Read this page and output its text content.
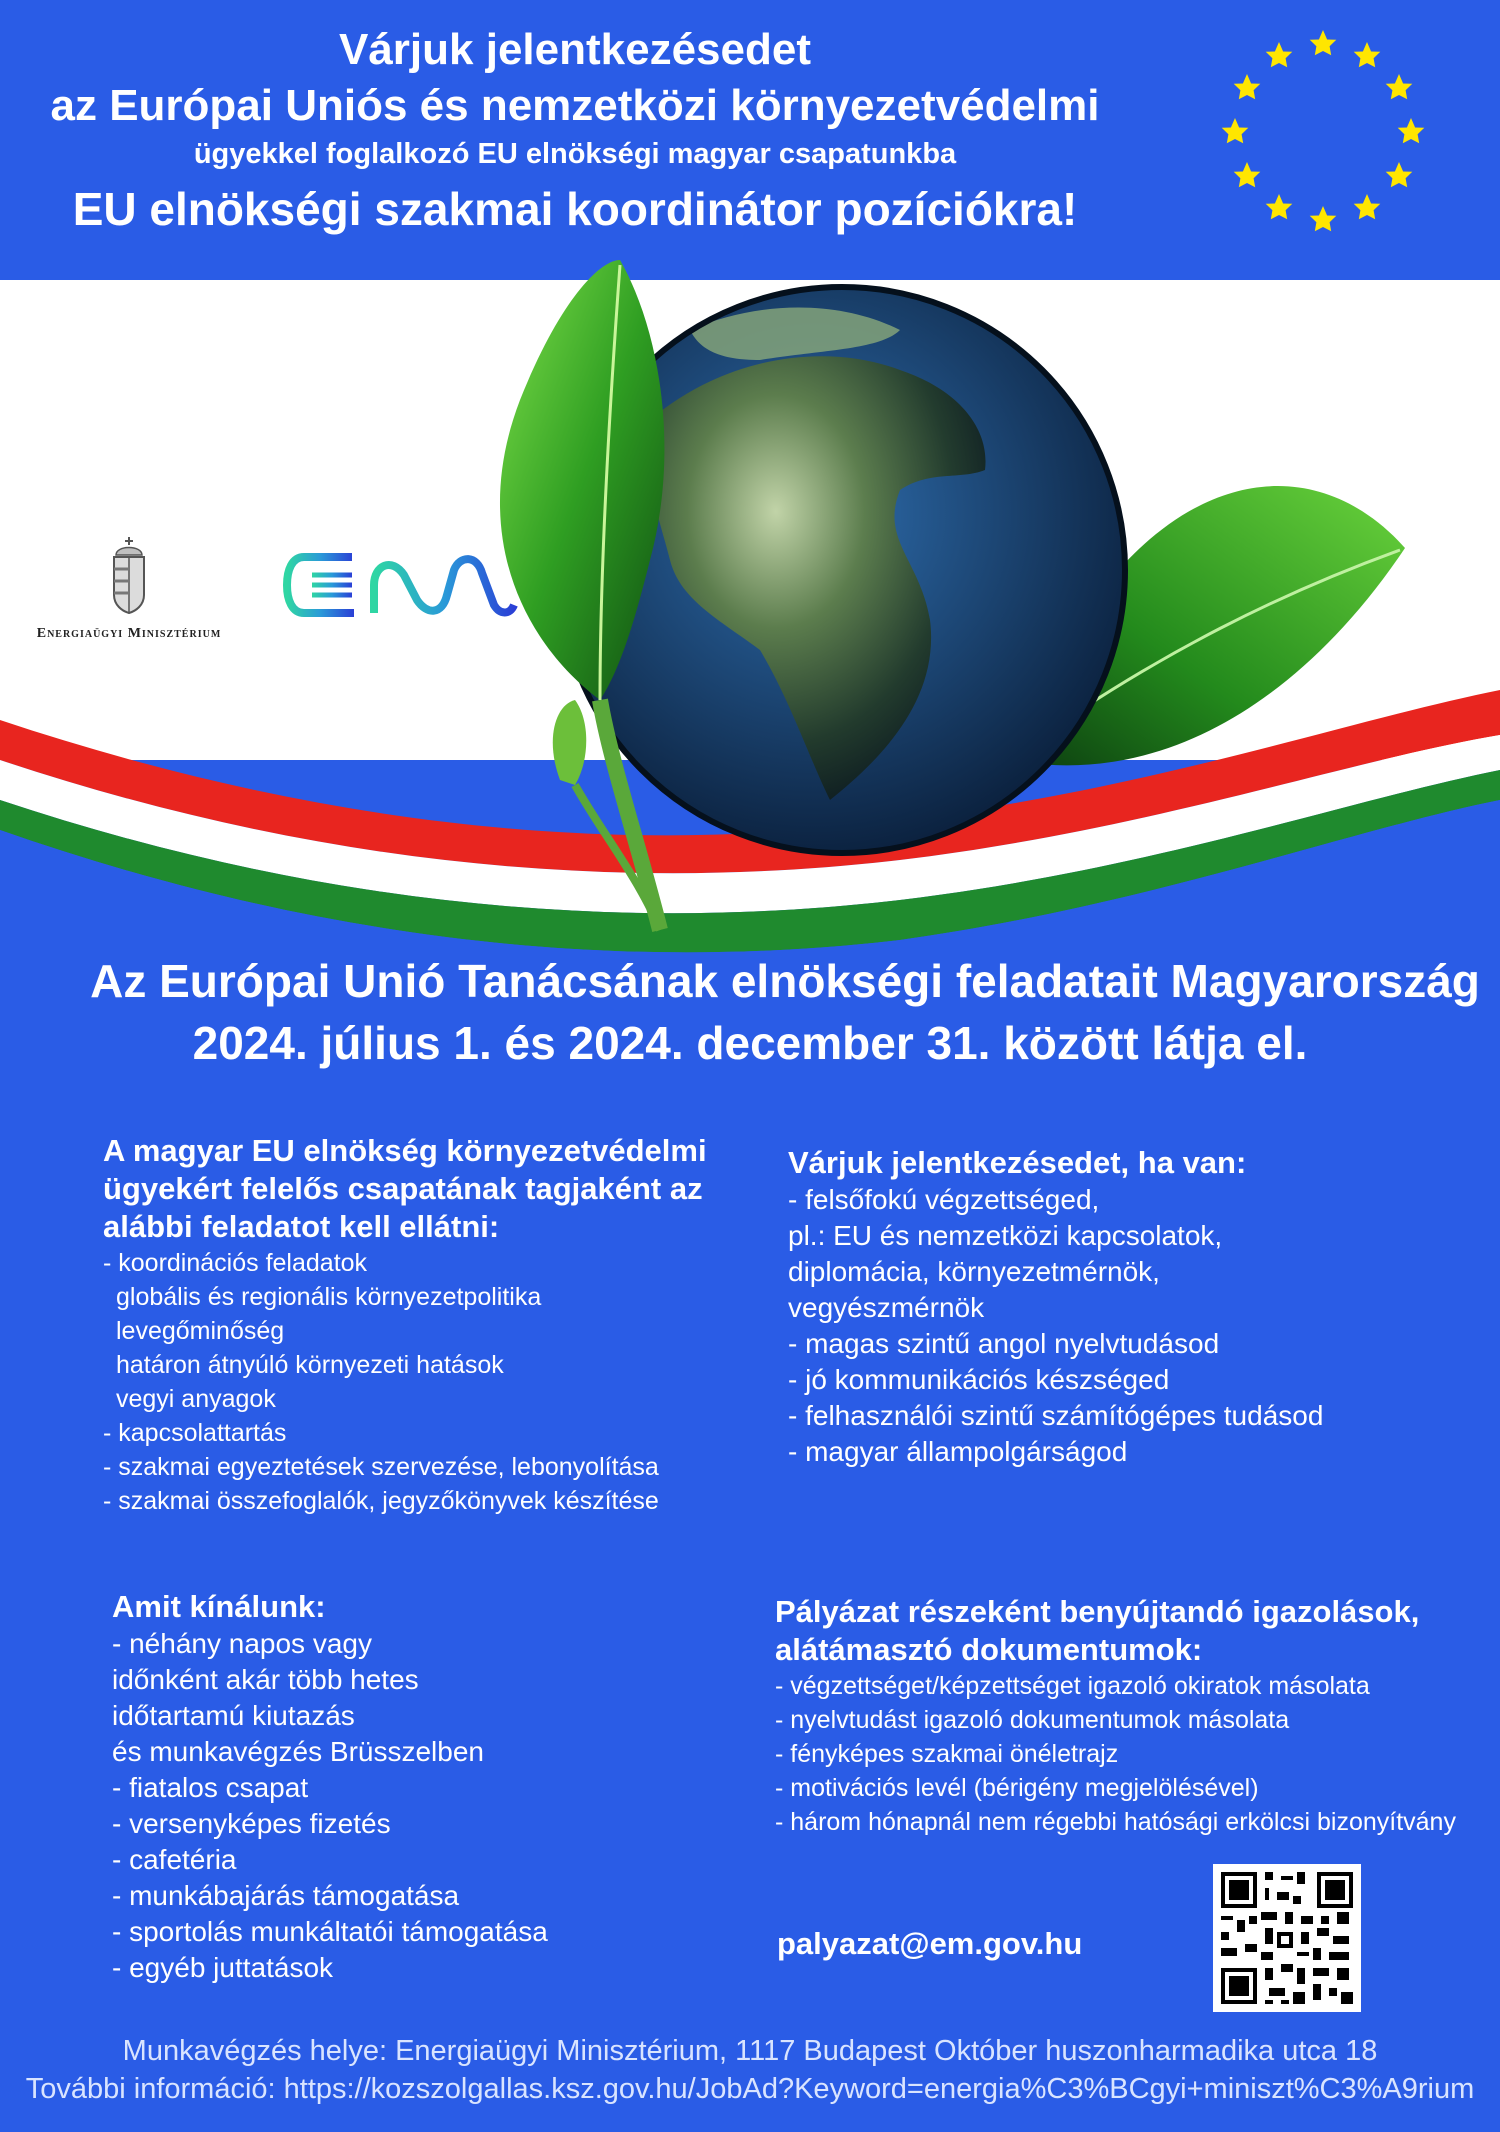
Várjuk jelentkezésedet
az Európai Uniós és nemzetközi környezetvédelmi
ügyekkel foglalkozó EU elnökségi magyar csapatunkba
EU elnökségi szakmai koordinátor pozíciókra!
Energiaügyi Minisztérium
Az Európai Unió Tanácsának elnökségi feladatait Magyarország
2024. július 1. és 2024. december 31. között látja el.
A magyar EU elnökség környezetvédelmi
ügyekért felelős csapatának tagjaként az
alábbi feladatot kell ellátni:
- koordinációs feladatok
globális és regionális környezetpolitika
levegőminőség
határon átnyúló környezeti hatások
vegyi anyagok
- kapcsolattartás
- szakmai egyeztetések szervezése, lebonyolítása
- szakmai összefoglalók, jegyzőkönyvek készítése
Várjuk jelentkezésedet, ha van:
- felsőfokú végzettséged,
pl.: EU és nemzetközi kapcsolatok,
diplomácia, környezetmérnök,
vegyészmérnök
- magas szintű angol nyelvtudásod
- jó kommunikációs készséged
- felhasználói szintű számítógépes tudásod
- magyar állampolgárságod
Amit kínálunk:
- néhány napos vagy
időnként akár több hetes
időtartamú kiutazás
és munkavégzés Brüsszelben
- fiatalos csapat
- versenyképes fizetés
- cafetéria
- munkábajárás támogatása
- sportolás munkáltatói támogatása
- egyéb juttatások
Pályázat részeként benyújtandó igazolások,
alátámasztó dokumentumok:
- végzettséget/képzettséget igazoló okiratok másolata
- nyelvtudást igazoló dokumentumok másolata
- fényképes szakmai önéletrajz
- motivációs levél (bérigény megjelölésével)
- három hónapnál nem régebbi hatósági erkölcsi bizonyítvány
palyazat@em.gov.hu
Munkavégzés helye: Energiaügyi Minisztérium, 1117 Budapest Október huszonharmadika utca 18
További információ: https://kozszolgallas.ksz.gov.hu/JobAd?Keyword=energia%C3%BCgyi+miniszt%C3%A9rium
